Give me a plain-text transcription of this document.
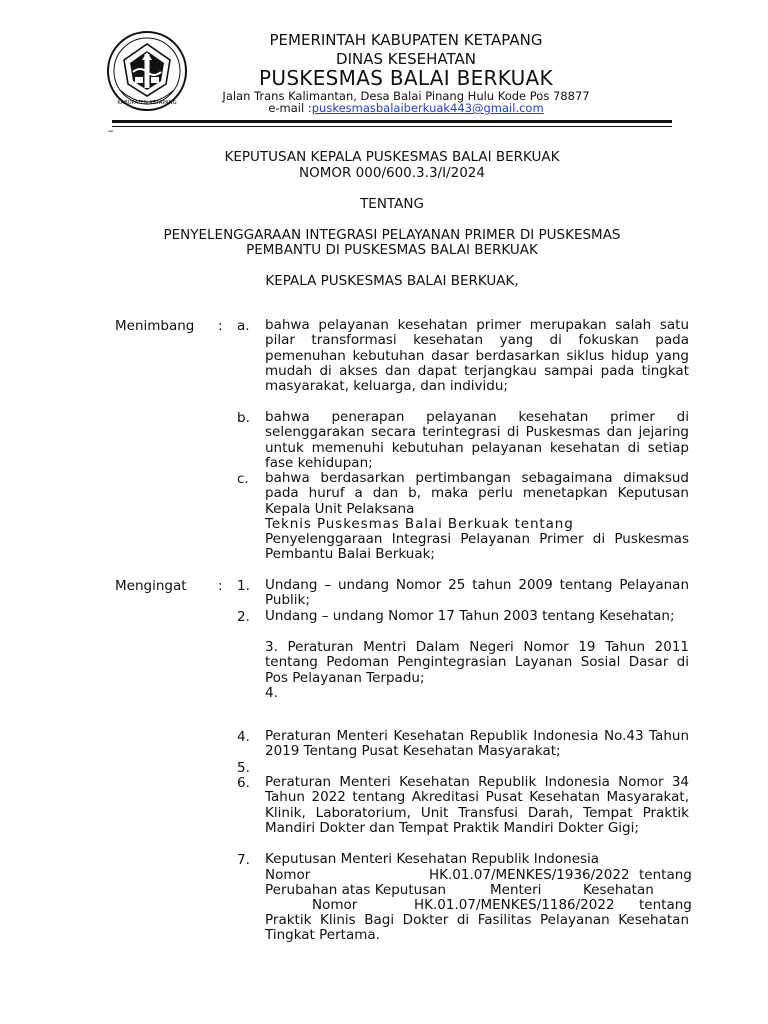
KABUPATEN KETAPANG
PEMERINTAH KABUPATEN KETAPANG
DINAS KESEHATAN
PUSKESMAS BALAI BERKUAK
Jalan Trans Kalimantan, Desa Balai Pinang Hulu Kode Pos 78877
e-mail :puskesmasbalaiberkuak443@gmail.com
–
KEPUTUSAN KEPALA PUSKESMAS BALAI BERKUAK
NOMOR 000/600.3.3/I/2024
TENTANG
PENYELENGGARAAN INTEGRASI PELAYANAN PRIMER DI PUSKESMAS
PEMBANTU DI PUSKESMAS BALAI BERKUAK
KEPALA PUSKESMAS BALAI BERKUAK,
Menimbang : a.	bahwa pelayanan kesehatan primer merupakan salah satu pilar transformasi kesehatan yang di fokuskan pada pemenuhan kebutuhan dasar berdasarkan siklus hidup yang mudah di akses dan dapat terjangkau sampai pada tingkat masyarakat, keluarga, dan individu;
b.	bahwa penerapan pelayanan kesehatan primer di selenggarakan secara terintegrasi di Puskesmas dan jejaring untuk memenuhi kebutuhan pelayanan kesehatan di setiap fase kehidupan;
c.	bahwa berdasarkan pertimbangan sebagaimana dimaksud pada huruf a dan b, maka perlu menetapkan Keputusan Kepala Unit Pelaksana
Teknis Puskesmas Balai Berkuak tentang
Penyelenggaraan Integrasi Pelayanan Primer di Puskesmas Pembantu Balai Berkuak;
Mengingat : 1.	Undang – undang Nomor 25 tahun 2009 tentang Pelayanan Publik;
2.	Undang – undang Nomor 17 Tahun 2003 tentang Kesehatan;
3. Peraturan Mentri Dalam Negeri Nomor 19 Tahun 2011 tentang Pedoman Pengintegrasian Layanan Sosial Dasar di Pos Pelayanan Terpadu;
4.
4.	Peraturan Menteri Kesehatan Republik Indonesia No.43 Tahun 2019 Tentang Pusat Kesehatan Masyarakat;
5.
6.	Peraturan Menteri Kesehatan Republik Indonesia Nomor 34 Tahun 2022 tentang Akreditasi Pusat Kesehatan Masyarakat, Klinik, Laboratorium, Unit Transfusi Darah, Tempat Praktik Mandiri Dokter dan Tempat Praktik Mandiri Dokter Gigi;
7.	Keputusan Menteri Kesehatan Republik Indonesia
Nomor	HK.01.07/MENKES/1936/2022 tentang
Perubahan atas Keputusan	Menteri	Kesehatan
Nomor	HK.01.07/MENKES/1186/2022 tentang
Praktik Klinis Bagi Dokter di Fasilitas Pelayanan Kesehatan Tingkat Pertama.
